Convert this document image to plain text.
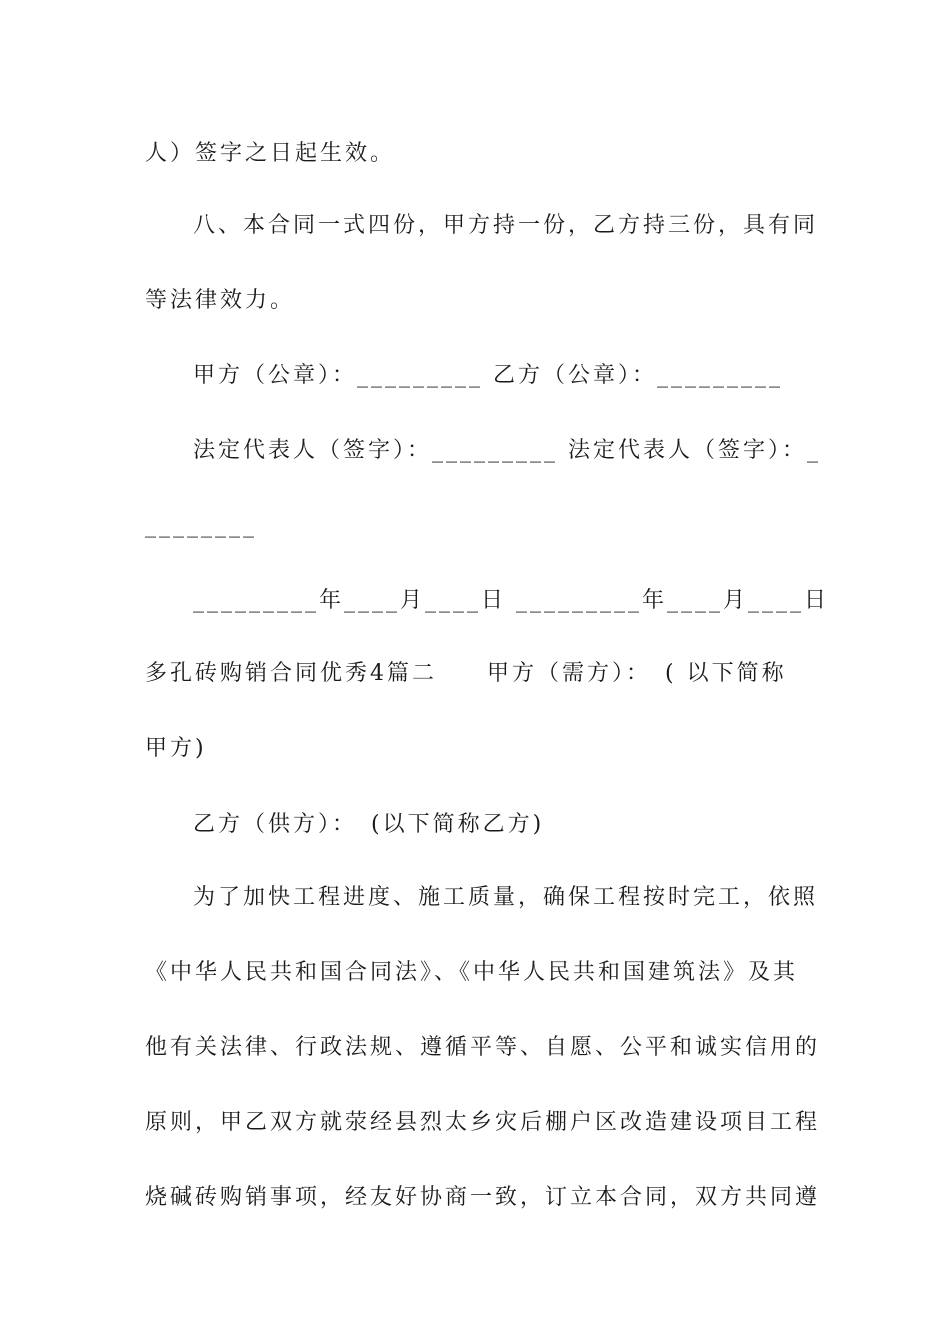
人）签字之日起生效。
八、本合同一式四份，甲方持一份，乙方持三份，具有同
等法律效力。
甲方（公章）：_________ 乙方（公章）：_________
法定代表人（签字）：_________ 法定代表人（签字）：_
________
_________年____月____日 _________年____月____日
多孔砖购销合同优秀4篇二　　甲方（需方）：　( 以下简称
甲方)
乙方（供方）：　(以下简称乙方)
为了加快工程进度、施工质量，确保工程按时完工，依照
《中华人民共和国合同法》、《中华人民共和国建筑法》及其
他有关法律、行政法规、遵循平等、自愿、公平和诚实信用的
原则，甲乙双方就荥经县烈太乡灾后棚户区改造建设项目工程
烧碱砖购销事项，经友好协商一致，订立本合同，双方共同遵
